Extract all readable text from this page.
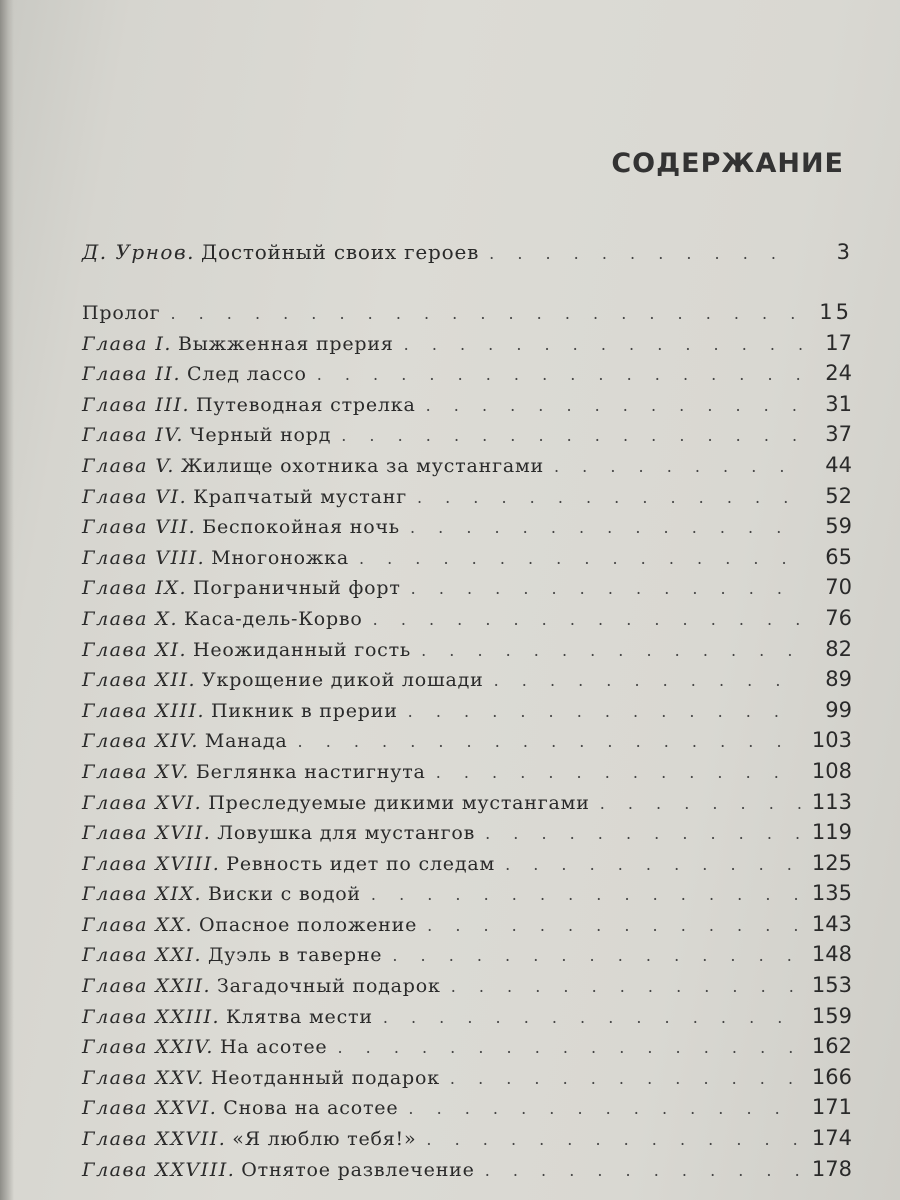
СОДЕРЖАНИЕ
Д. Урнов. Достойный своих героев . . .	3
Пролог . . .	15
Глава I. Выжженная прерия . . .	17
Глава II. След лассо . . .	24
Глава III. Путеводная стрелка . . .	31
Глава IV. Черный норд . . .	37
Глава V. Жилище охотника за мустангами . . .	44
Глава VI. Крапчатый мустанг . . .	52
Глава VII. Беспокойная ночь . . .	59
Глава VIII. Многоножка . . .	65
Глава IX. Пограничный форт . . .	70
Глава X. Каса-дель-Корво . . .	76
Глава XI. Неожиданный гость . . .	82
Глава XII. Укрощение дикой лошади . . .	89
Глава XIII. Пикник в прерии . . .	99
Глава XIV. Манада . . .	103
Глава XV. Беглянка настигнута . . .	108
Глава XVI. Преследуемые дикими мустангами . . .	113
Глава XVII. Ловушка для мустангов . . .	119
Глава XVIII. Ревность идет по следам . . .	125
Глава XIX. Виски с водой . . .	135
Глава XX. Опасное положение . . .	143
Глава XXI. Дуэль в таверне . . .	148
Глава XXII. Загадочный подарок . . .	153
Глава XXIII. Клятва мести . . .	159
Глава XXIV. На асотее . . .	162
Глава XXV. Неотданный подарок . . .	166
Глава XXVI. Снова на асотее . . .	171
Глава XXVII. «Я люблю тебя!» . . .	174
Глава XXVIII. Отнятое развлечение . . .	178
